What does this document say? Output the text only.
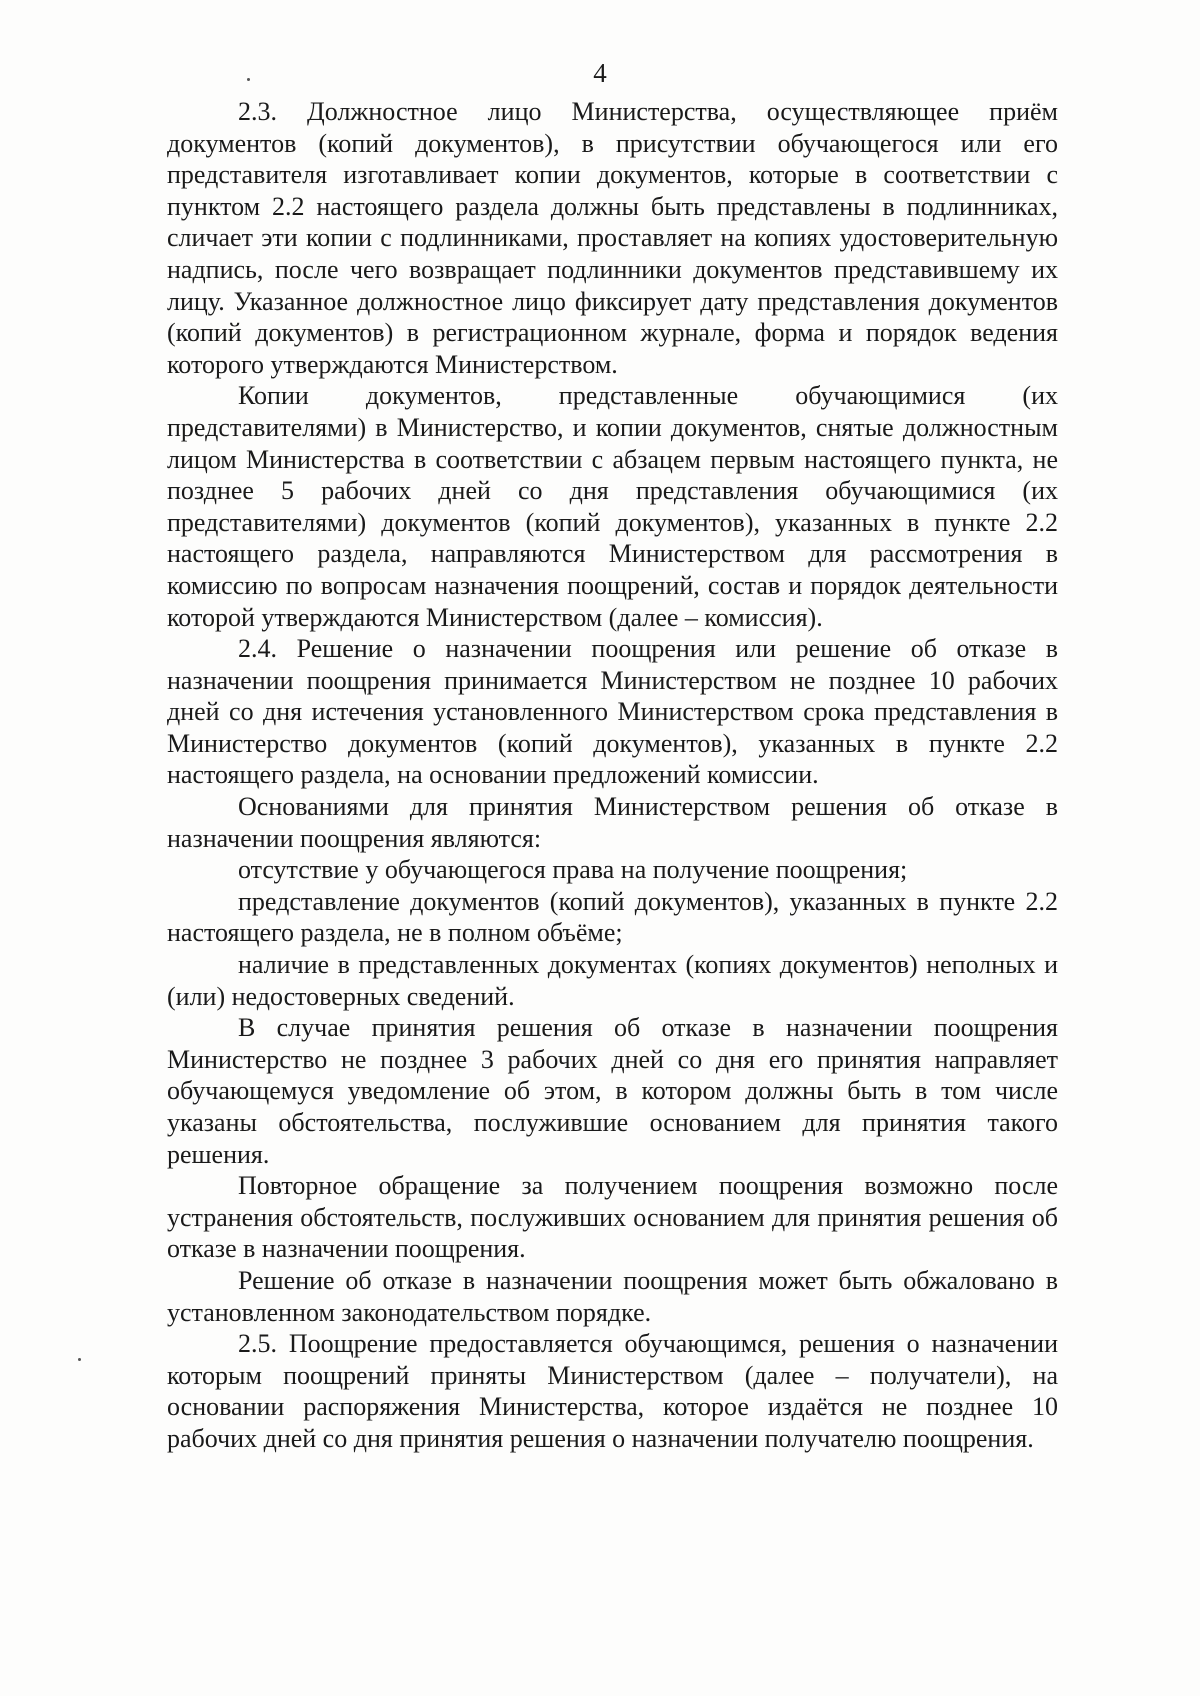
4

2.3. Должностное лицо Министерства, осуществляющее приём документов (копий документов), в присутствии обучающегося или его представителя изготавливает копии документов, которые в соответствии с пунктом 2.2 настоящего раздела должны быть представлены в подлинниках, сличает эти копии с подлинниками, проставляет на копиях удостоверительную надпись, после чего возвращает подлинники документов представившему их лицу. Указанное должностное лицо фиксирует дату представления документов (копий документов) в регистрационном журнале, форма и порядок ведения которого утверждаются Министерством.

Копии документов, представленные обучающимися (их представителями) в Министерство, и копии документов, снятые должностным лицом Министерства в соответствии с абзацем первым настоящего пункта, не позднее 5 рабочих дней со дня представления обучающимися (их представителями) документов (копий документов), указанных в пункте 2.2 настоящего раздела, направляются Министерством для рассмотрения в комиссию по вопросам назначения поощрений, состав и порядок деятельности которой утверждаются Министерством (далее – комиссия).

2.4. Решение о назначении поощрения или решение об отказе в назначении поощрения принимается Министерством не позднее 10 рабочих дней со дня истечения установленного Министерством срока представления в Министерство документов (копий документов), указанных в пункте 2.2 настоящего раздела, на основании предложений комиссии.

Основаниями для принятия Министерством решения об отказе в назначении поощрения являются:

отсутствие у обучающегося права на получение поощрения;

представление документов (копий документов), указанных в пункте 2.2 настоящего раздела, не в полном объёме;

наличие в представленных документах (копиях документов) неполных и (или) недостоверных сведений.

В случае принятия решения об отказе в назначении поощрения Министерство не позднее 3 рабочих дней со дня его принятия направляет обучающемуся уведомление об этом, в котором должны быть в том числе указаны обстоятельства, послужившие основанием для принятия такого решения.

Повторное обращение за получением поощрения возможно после устранения обстоятельств, послуживших основанием для принятия решения об отказе в назначении поощрения.

Решение об отказе в назначении поощрения может быть обжаловано в установленном законодательством порядке.

2.5. Поощрение предоставляется обучающимся, решения о назначении которым поощрений приняты Министерством (далее – получатели), на основании распоряжения Министерства, которое издаётся не позднее 10 рабочих дней со дня принятия решения о назначении получателю поощрения.
